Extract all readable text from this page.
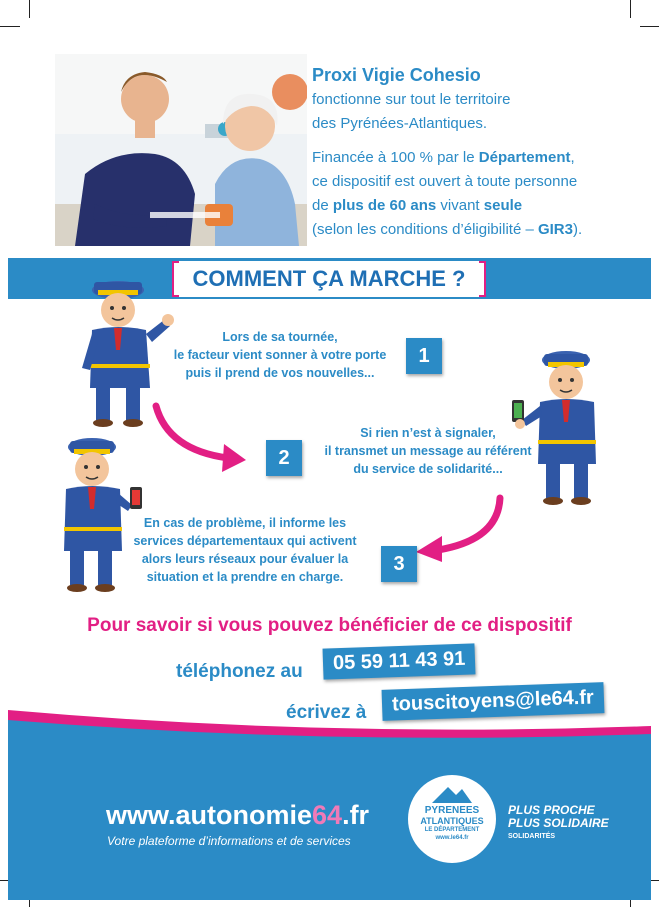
Proxi Vigie Cohesio

fonctionne sur tout le territoire
des Pyrénées-Atlantiques.

Financée à 100 % par le Département,
ce dispositif est ouvert à toute personne
de plus de 60 ans vivant seule
(selon les conditions d’éligibilité – GIR3).

COMMENT ÇA MARCHE ?
Lors de sa tournée,
le facteur vient sonner à votre porte
puis il prend de vos nouvelles...
1
2
Si rien n’est à signaler,
il transmet un message au référent
du service de solidarité...
En cas de problème, il informe les
services départementaux qui activent
alors leurs réseaux pour évaluer la
situation et la prendre en charge.
3
Pour savoir si vous pouvez bénéficier de ce dispositif
téléphonez au	05 59 11 43 91
écrivez à	touscitoyens@le64.fr
www.autonomie64.fr
Votre plateforme d’informations et de services
PYRENEES
ATLANTIQUES
LE DÉPARTEMENT
www.le64.fr
PLUS PROCHE
PLUS SOLIDAIRE
SOLIDARITÉS
